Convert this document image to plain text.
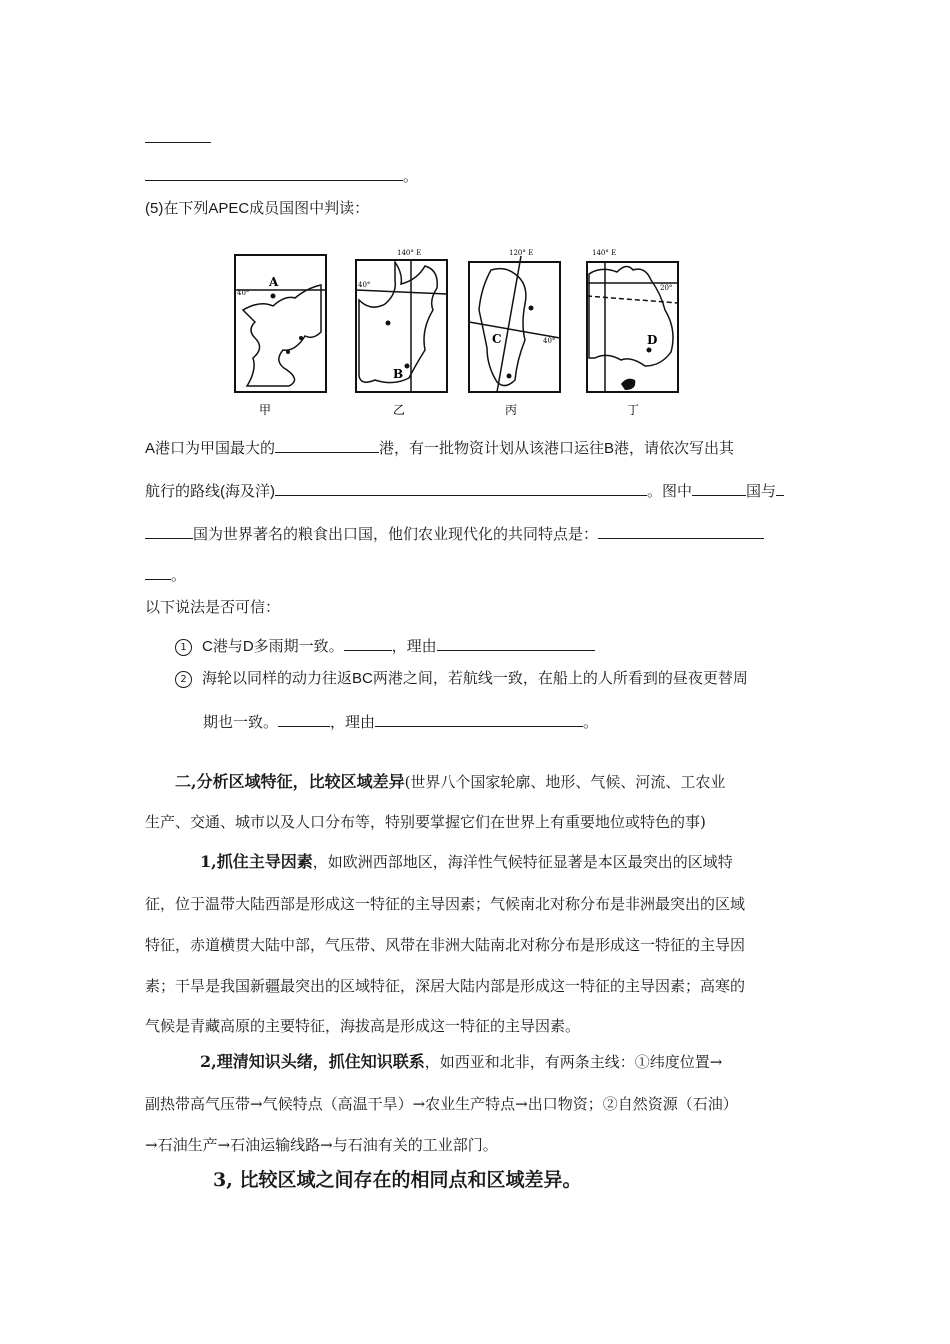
。
(5)在下列APEC成员国图中判读：
40°
A
甲
140° E
40°
B
乙
120° E
40°
C
丙
140° E
20°
D
丁
A港口为甲国最大的	港，有一批物资计划从该港口运往B港，请依次写出其
航行的路线(海及洋)	。图中	国与
国为世界著名的粮食出口国，他们农业现代化的共同特点是：
。
以下说法是否可信：
1 C港与D多雨期一致。	，理由
2 海轮以同样的动力往返BC两港之间，若航线一致，在船上的人所看到的昼夜更替周
期也一致。	，理由	。
二,分析区域特征，比较区域差异(世界八个国家轮廓、地形、气候、河流、工农业
生产、交通、城市以及人口分布等，特别要掌握它们在世界上有重要地位或特色的事)
1,抓住主导因素，如欧洲西部地区，海洋性气候特征显著是本区最突出的区域特
征，位于温带大陆西部是形成这一特征的主导因素；气候南北对称分布是非洲最突出的区域
特征，赤道横贯大陆中部，气压带、风带在非洲大陆南北对称分布是形成这一特征的主导因
素；干旱是我国新疆最突出的区域特征，深居大陆内部是形成这一特征的主导因素；高寒的
气候是青藏高原的主要特征，海拔高是形成这一特征的主导因素。
2,理清知识头绪，抓住知识联系，如西亚和北非，有两条主线：①纬度位置→
副热带高气压带→气候特点（高温干旱）→农业生产特点→出口物资；②自然资源（石油）
→石油生产→石油运输线路→与石油有关的工业部门。
3, 比较区域之间存在的相同点和区域差异。
